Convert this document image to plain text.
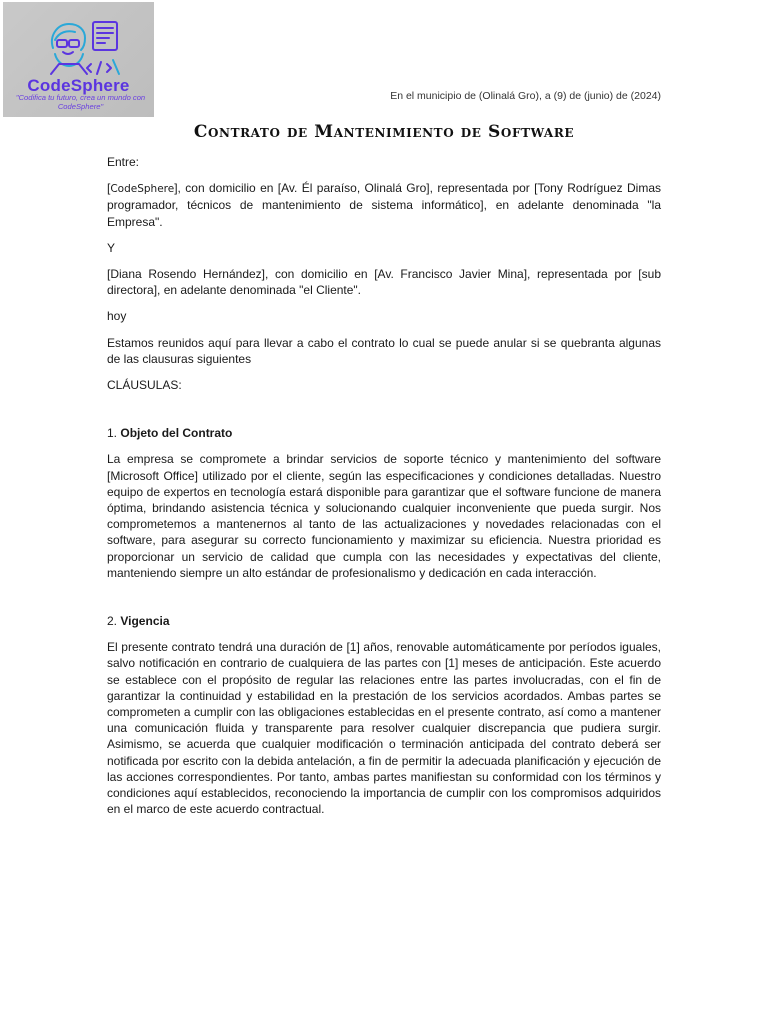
CodeSphere
"Codifica tu futuro, crea un mundo con CodeSphere"
En el municipio de (Olinalá Gro), a (9) de (junio) de (2024)
Contrato de Mantenimiento de Software

Entre:

[CodeSphere], con domicilio en [Av. Él paraíso, Olinalá Gro], representada por [Tony Rodríguez Dimas programador, técnicos de mantenimiento de sistema informático], en adelante denominada "la Empresa".

Y

[Diana Rosendo Hernández], con domicilio en [Av. Francisco Javier Mina], representada por [sub directora], en adelante denominada "el Cliente".

hoy

Estamos reunidos aquí para llevar a cabo el contrato lo cual se puede anular si se quebranta algunas de las clausuras siguientes

CLÁUSULAS:

1. Objeto del Contrato

La empresa se compromete a brindar servicios de soporte técnico y mantenimiento del software [Microsoft Office] utilizado por el cliente, según las especificaciones y condiciones detalladas. Nuestro equipo de expertos en tecnología estará disponible para garantizar que el software funcione de manera óptima, brindando asistencia técnica y solucionando cualquier inconveniente que pueda surgir. Nos comprometemos a mantenernos al tanto de las actualizaciones y novedades relacionadas con el software, para asegurar su correcto funcionamiento y maximizar su eficiencia. Nuestra prioridad es proporcionar un servicio de calidad que cumpla con las necesidades y expectativas del cliente, manteniendo siempre un alto estándar de profesionalismo y dedicación en cada interacción.

2. Vigencia

El presente contrato tendrá una duración de [1] años, renovable automáticamente por períodos iguales, salvo notificación en contrario de cualquiera de las partes con [1] meses de anticipación. Este acuerdo se establece con el propósito de regular las relaciones entre las partes involucradas, con el fin de garantizar la continuidad y estabilidad en la prestación de los servicios acordados. Ambas partes se comprometen a cumplir con las obligaciones establecidas en el presente contrato, así como a mantener una comunicación fluida y transparente para resolver cualquier discrepancia que pudiera surgir. Asimismo, se acuerda que cualquier modificación o terminación anticipada del contrato deberá ser notificada por escrito con la debida antelación, a fin de permitir la adecuada planificación y ejecución de las acciones correspondientes. Por tanto, ambas partes manifiestan su conformidad con los términos y condiciones aquí establecidos, reconociendo la importancia de cumplir con los compromisos adquiridos en el marco de este acuerdo contractual.
